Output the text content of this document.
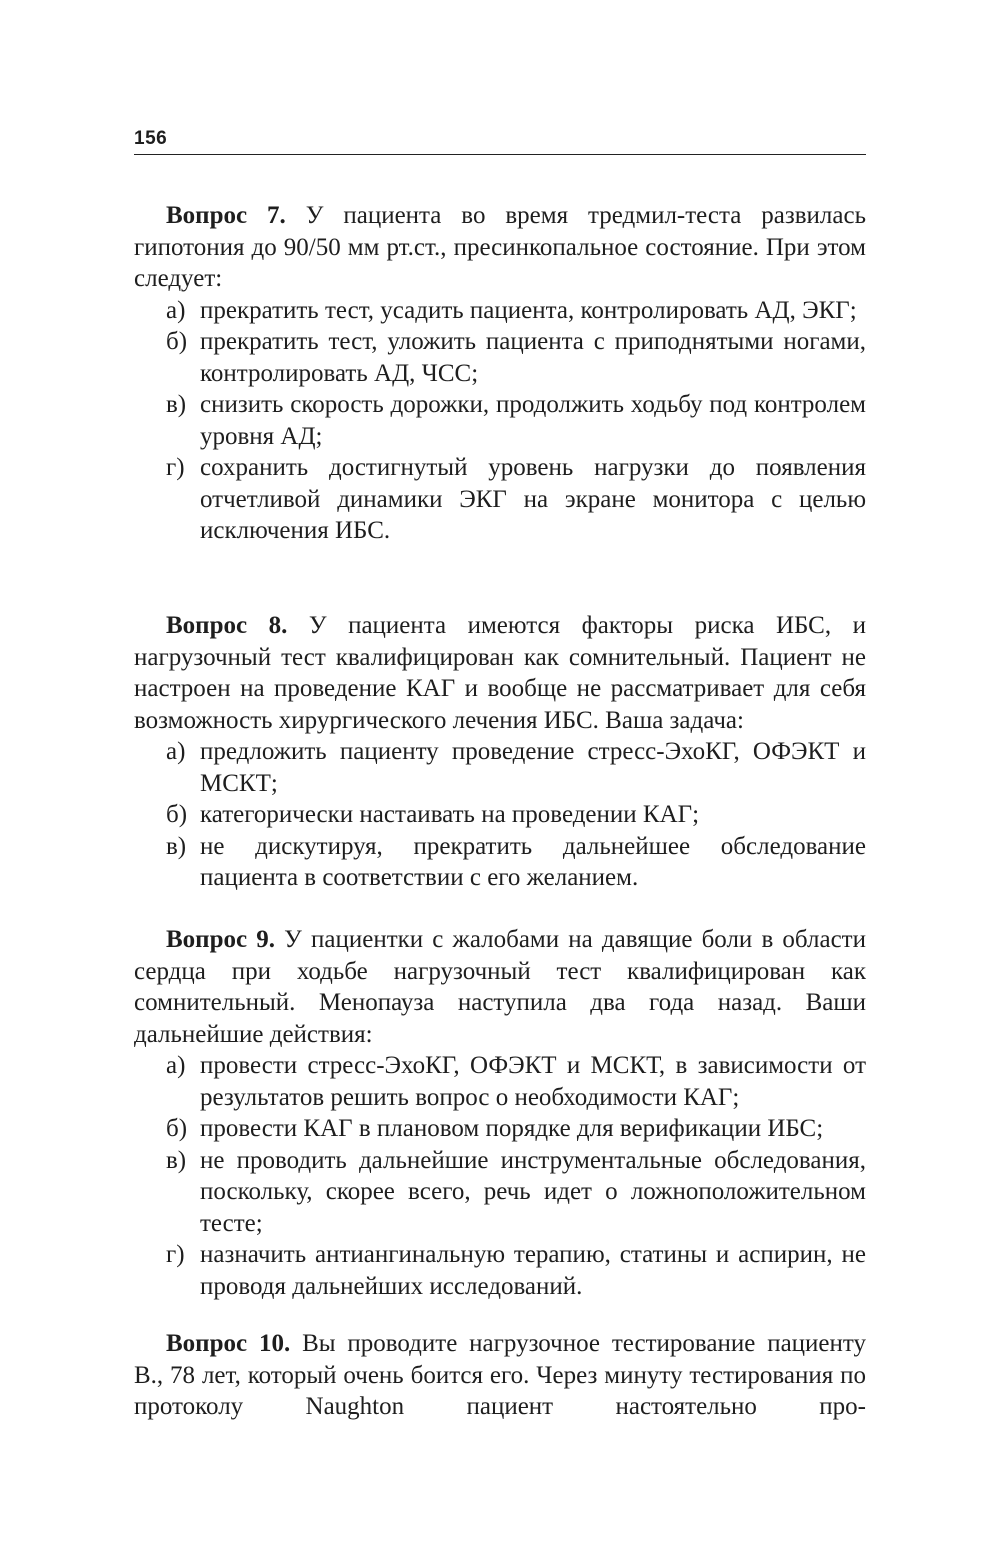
156
Вопрос 7. У пациента во время тредмил-теста развилась гипотония до 90/50 мм рт.ст., пресинкопальное состояние. При этом следует:
а) прекратить тест, усадить пациента, контролировать АД, ЭКГ;
б) прекратить тест, уложить пациента с приподнятыми ногами, контролировать АД, ЧСС;
в) снизить скорость дорожки, продолжить ходьбу под контролем уровня АД;
г) сохранить достигнутый уровень нагрузки до появления отчетливой динамики ЭКГ на экране монитора с целью исключения ИБС.
Вопрос 8. У пациента имеются факторы риска ИБС, и нагрузочный тест квалифицирован как сомнительный. Пациент не настроен на проведение КАГ и вообще не рассматривает для себя возможность хирургического лечения ИБС. Ваша задача:
а) предложить пациенту проведение стресс-ЭхоКГ, ОФЭКТ и МСКТ;
б) категорически настаивать на проведении КАГ;
в) не дискутируя, прекратить дальнейшее обследование пациента в соответствии с его желанием.
Вопрос 9. У пациентки с жалобами на давящие боли в области сердца при ходьбе нагрузочный тест квалифицирован как сомнительный. Менопауза наступила два года назад. Ваши дальнейшие действия:
а) провести стресс-ЭхоКГ, ОФЭКТ и МСКТ, в зависимости от результатов решить вопрос о необходимости КАГ;
б) провести КАГ в плановом порядке для верификации ИБС;
в) не проводить дальнейшие инструментальные обследования, поскольку, скорее всего, речь идет о ложноположительном тесте;
г) назначить антиангинальную терапию, статины и аспирин, не проводя дальнейших исследований.
Вопрос 10. Вы проводите нагрузочное тестирование пациенту В., 78 лет, который очень боится его. Через минуту тестирования по протоколу Naughton пациент настоятельно про-
